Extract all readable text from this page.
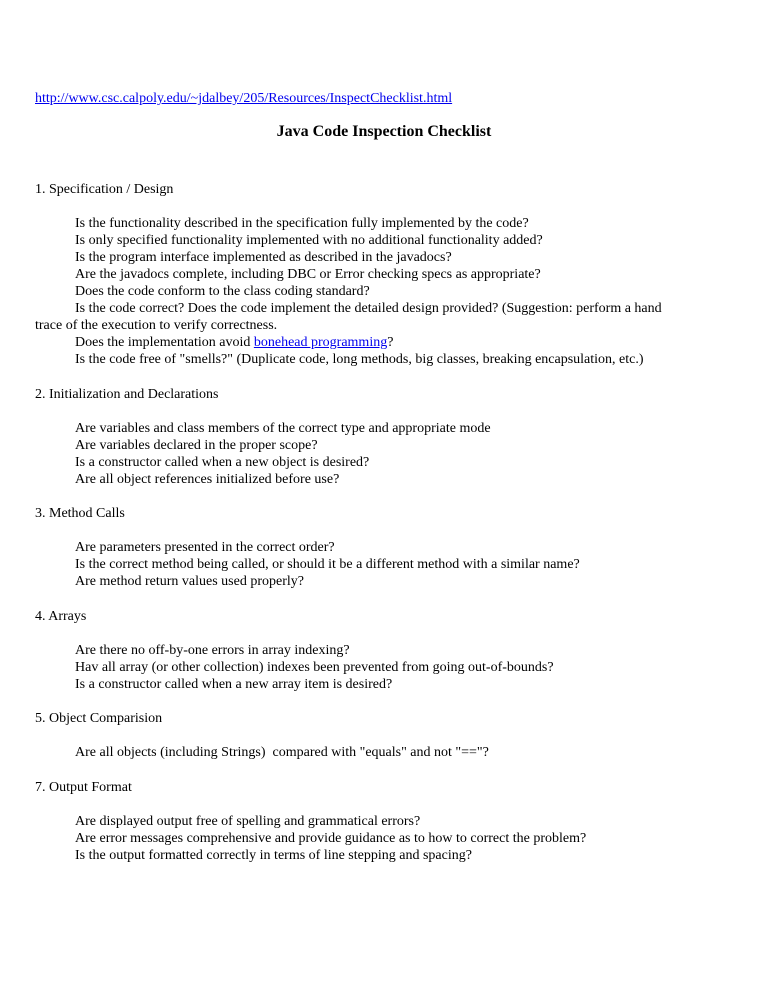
http://www.csc.calpoly.edu/~jdalbey/205/Resources/InspectChecklist.html
Java Code Inspection Checklist

1. Specification / Design

Is the functionality described in the specification fully implemented by the code?

Is only specified functionality implemented with no additional functionality added?

Is the program interface implemented as described in the javadocs?

Are the javadocs complete, including DBC or Error checking specs as appropriate?

Does the code conform to the class coding standard?

Is the code correct? Does the code implement the detailed design provided? (Suggestion: perform a hand trace of the execution to verify correctness.

Does the implementation avoid bonehead programming?

Is the code free of "smells?" (Duplicate code, long methods, big classes, breaking encapsulation, etc.)

2. Initialization and Declarations

Are variables and class members of the correct type and appropriate mode

Are variables declared in the proper scope?

Is a constructor called when a new object is desired?

Are all object references initialized before use?

3. Method Calls

Are parameters presented in the correct order?

Is the correct method being called, or should it be a different method with a similar name?

Are method return values used properly?

4. Arrays

Are there no off-by-one errors in array indexing?

Hav all array (or other collection) indexes been prevented from going out-of-bounds?

Is a constructor called when a new array item is desired?

5. Object Comparision

Are all objects (including Strings)  compared with "equals" and not "=="?

7. Output Format

Are displayed output free of spelling and grammatical errors?

Are error messages comprehensive and provide guidance as to how to correct the problem?

Is the output formatted correctly in terms of line stepping and spacing?
